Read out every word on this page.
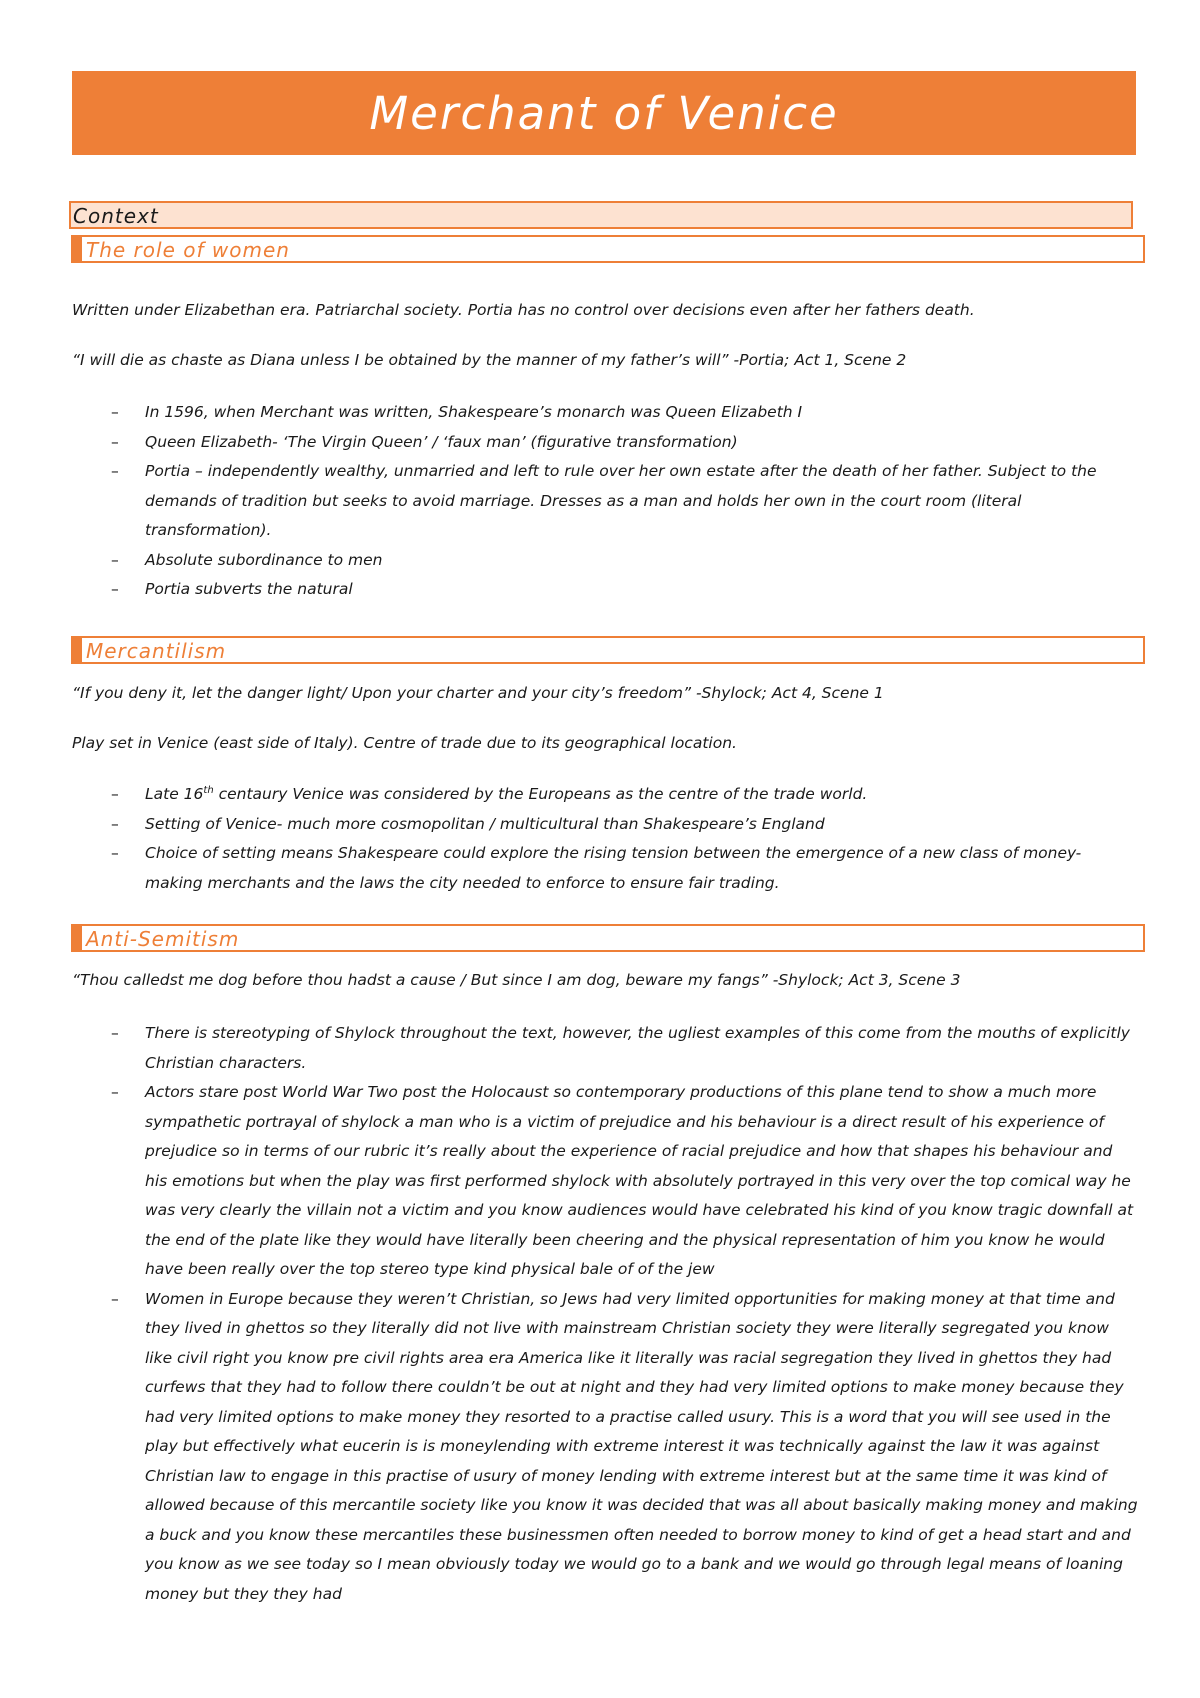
Merchant of Venice
Context
The role of women
Written under Elizabethan era. Patriarchal society. Portia has no control over decisions even after her fathers death.
“I will die as chaste as Diana unless I be obtained by the manner of my father’s will” -Portia; Act 1, Scene 2
– In 1596, when Merchant was written, Shakespeare’s monarch was Queen Elizabeth I
– Queen Elizabeth- ‘The Virgin Queen’ / ‘faux man’ (figurative transformation)
– Portia – independently wealthy, unmarried and left to rule over her own estate after the death of her father. Subject to the demands of tradition but seeks to avoid marriage. Dresses as a man and holds her own in the court room (literal transformation).
– Absolute subordinance to men
– Portia subverts the natural
Mercantilism
“If you deny it, let the danger light/ Upon your charter and your city’s freedom” -Shylock; Act 4, Scene 1
Play set in Venice (east side of Italy). Centre of trade due to its geographical location.
– Late 16th centaury Venice was considered by the Europeans as the centre of the trade world.
– Setting of Venice- much more cosmopolitan / multicultural than Shakespeare’s England
– Choice of setting means Shakespeare could explore the rising tension between the emergence of a new class of money-making merchants and the laws the city needed to enforce to ensure fair trading.
Anti-Semitism
“Thou calledst me dog before thou hadst a cause / But since I am dog, beware my fangs” -Shylock; Act 3, Scene 3
– There is stereotyping of Shylock throughout the text, however, the ugliest examples of this come from the mouths of explicitly Christian characters.
– Actors stare post World War Two post the Holocaust so contemporary productions of this plane tend to show a much more sympathetic portrayal of shylock a man who is a victim of prejudice and his behaviour is a direct result of his experience of prejudice so in terms of our rubric it’s really about the experience of racial prejudice and how that shapes his behaviour and his emotions but when the play was first performed shylock with absolutely portrayed in this very over the top comical way he was very clearly the villain not a victim and you know audiences would have celebrated his kind of you know tragic downfall at the end of the plate like they would have literally been cheering and the physical representation of him you know he would have been really over the top stereo type kind physical bale of of the jew
– Women in Europe because they weren’t Christian, so Jews had very limited opportunities for making money at that time and they lived in ghettos so they literally did not live with mainstream Christian society they were literally segregated you know like civil right you know pre civil rights area era America like it literally was racial segregation they lived in ghettos they had curfews that they had to follow there couldn’t be out at night and they had very limited options to make money because they had very limited options to make money they resorted to a practise called usury. This is a word that you will see used in the play but effectively what eucerin is is moneylending with extreme interest it was technically against the law it was against Christian law to engage in this practise of usury of money lending with extreme interest but at the same time it was kind of allowed because of this mercantile society like you know it was decided that was all about basically making money and making a buck and you know these mercantiles these businessmen often needed to borrow money to kind of get a head start and and you know as we see today so I mean obviously today we would go to a bank and we would go through legal means of loaning money but they they had
